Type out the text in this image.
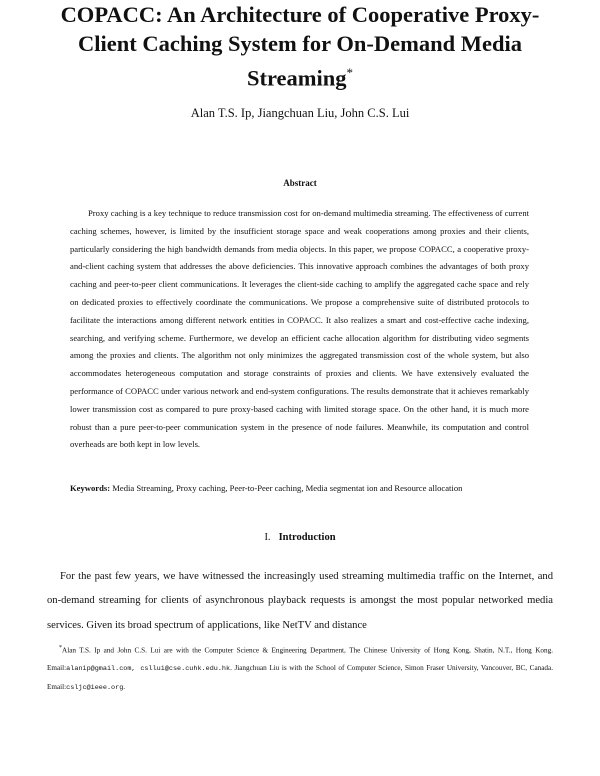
COPACC: An Architecture of Cooperative Proxy-Client Caching System for On-Demand Media Streaming*
Alan T.S. Ip, Jiangchuan Liu, John C.S. Lui
Abstract

Proxy caching is a key technique to reduce transmission cost for on-demand multimedia streaming. The effectiveness of current caching schemes, however, is limited by the insufficient storage space and weak cooperations among proxies and their clients, particularly considering the high bandwidth demands from media objects. In this paper, we propose COPACC, a cooperative proxy-and-client caching system that addresses the above deficiencies. This innovative approach combines the advantages of both proxy caching and peer-to-peer client communications. It leverages the client-side caching to amplify the aggregated cache space and rely on dedicated proxies to effectively coordinate the communications. We propose a comprehensive suite of distributed protocols to facilitate the interactions among different network entities in COPACC. It also realizes a smart and cost-effective cache indexing, searching, and verifying scheme. Furthermore, we develop an efficient cache allocation algorithm for distributing video segments among the proxies and clients. The algorithm not only minimizes the aggregated transmission cost of the whole system, but also accommodates heterogeneous computation and storage constraints of proxies and clients. We have extensively evaluated the performance of COPACC under various network and end-system configurations. The results demonstrate that it achieves remarkably lower transmission cost as compared to pure proxy-based caching with limited storage space. On the other hand, it is much more robust than a pure peer-to-peer communication system in the presence of node failures. Meanwhile, its computation and control overheads are both kept in low levels.

Keywords: Media Streaming, Proxy caching, Peer-to-Peer caching, Media segmentat ion and Resource allocation
I. Introduction

For the past few years, we have witnessed the increasingly used streaming multimedia traffic on the Internet, and on-demand streaming for clients of asynchronous playback requests is amongst the most popular networked media services. Given its broad spectrum of applications, like NetTV and distance

*Alan T.S. Ip and John C.S. Lui are with the Computer Science & Engineering Department, The Chinese University of Hong Kong, Shatin, N.T., Hong Kong. Email:alanip@gmail.com, csllui@cse.cuhk.edu.hk. Jiangchuan Liu is with the School of Computer Science, Simon Fraser University, Vancouver, BC, Canada. Email:csljc@ieee.org.
